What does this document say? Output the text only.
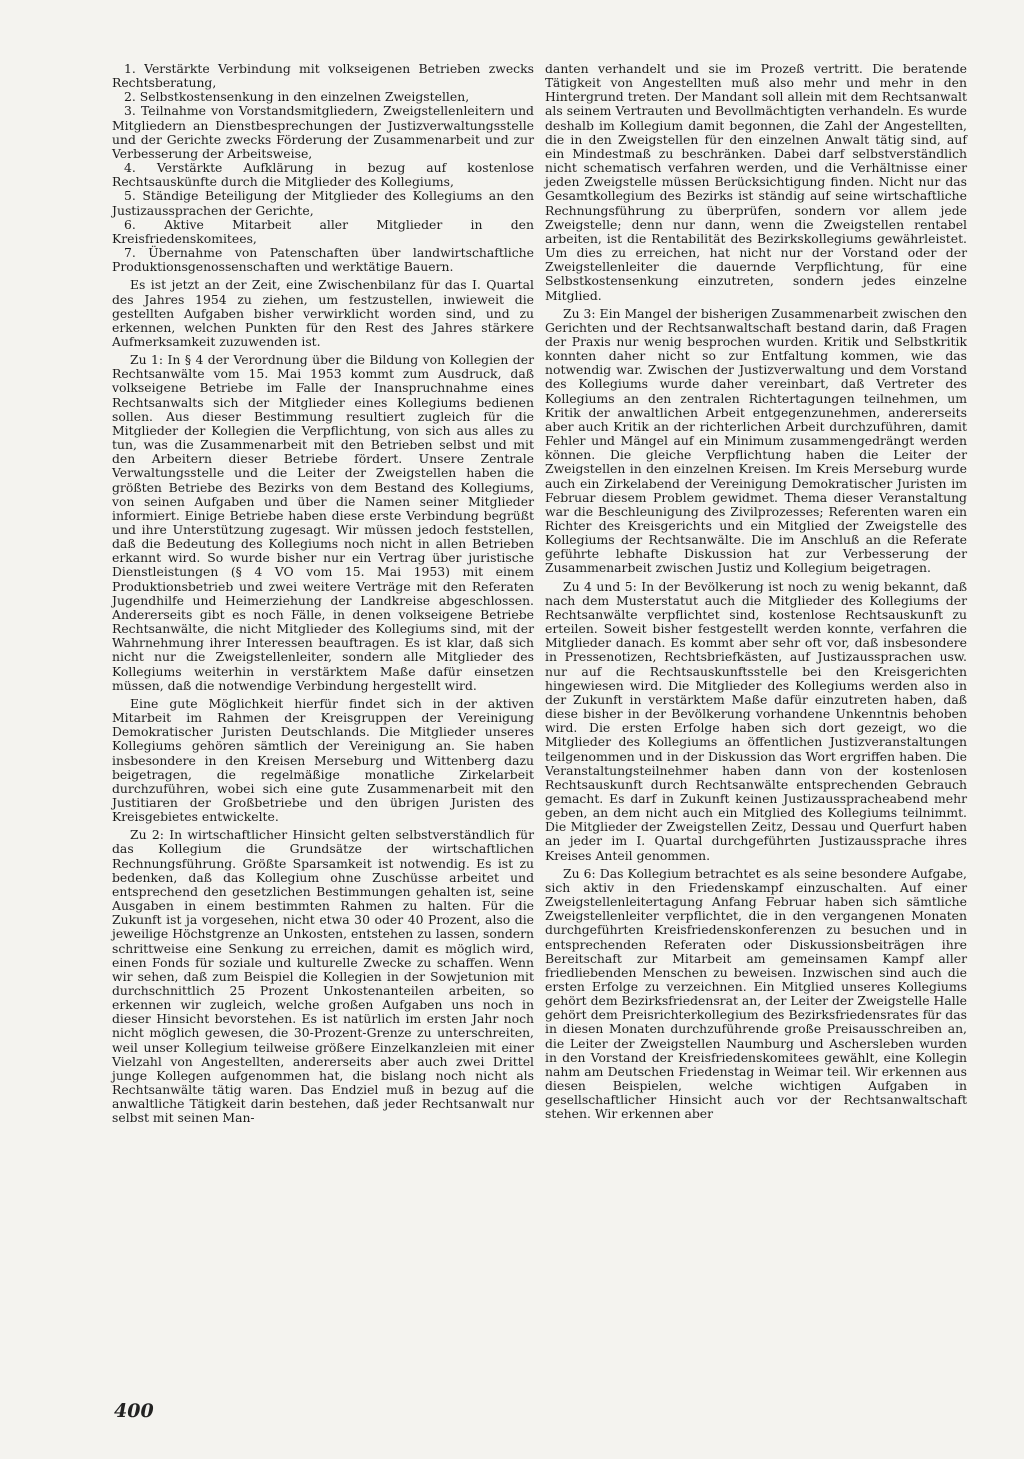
1. Verstärkte Verbindung mit volkseigenen Betrieben zwecks Rechtsberatung,

2. Selbstkostensenkung in den einzelnen Zweigstellen,

3. Teilnahme von Vorstandsmitgliedern, Zweigstellenleitern und Mitgliedern an Dienstbesprechungen der Justizverwaltungsstelle und der Gerichte zwecks Förderung der Zusammenarbeit und zur Verbesserung der Arbeitsweise,

4. Verstärkte Aufklärung in bezug auf kostenlose Rechtsauskünfte durch die Mitglieder des Kollegiums,

5. Ständige Beteiligung der Mitglieder des Kollegiums an den Justizaussprachen der Gerichte,

6. Aktive Mitarbeit aller Mitglieder in den Kreisfriedenskomitees,

7. Übernahme von Patenschaften über landwirtschaftliche Produktionsgenossenschaften und werktätige Bauern.

Es ist jetzt an der Zeit, eine Zwischenbilanz für das I. Quartal des Jahres 1954 zu ziehen, um festzustellen, inwieweit die gestellten Aufgaben bisher verwirklicht worden sind, und zu erkennen, welchen Punkten für den Rest des Jahres stärkere Aufmerksamkeit zuzuwenden ist.

Zu 1: In § 4 der Verordnung über die Bildung von Kollegien der Rechtsanwälte vom 15. Mai 1953 kommt zum Ausdruck, daß volkseigene Betriebe im Falle der Inanspruchnahme eines Rechtsanwalts sich der Mitglieder eines Kollegiums bedienen sollen. Aus dieser Bestimmung resultiert zugleich für die Mitglieder der Kollegien die Verpflichtung, von sich aus alles zu tun, was die Zusammenarbeit mit den Betrieben selbst und mit den Arbeitern dieser Betriebe fördert. Unsere Zentrale Verwaltungsstelle und die Leiter der Zweigstellen haben die größten Betriebe des Bezirks von dem Bestand des Kollegiums, von seinen Aufgaben und über die Namen seiner Mitglieder informiert. Einige Betriebe haben diese erste Verbindung begrüßt und ihre Unterstützung zugesagt. Wir müssen jedoch feststellen, daß die Bedeutung des Kollegiums noch nicht in allen Betrieben erkannt wird. So wurde bisher nur ein Vertrag über juristische Dienstleistungen (§ 4 VO vom 15. Mai 1953) mit einem Produktionsbetrieb und zwei weitere Verträge mit den Referaten Jugendhilfe und Heimerziehung der Landkreise abgeschlossen. Andererseits gibt es noch Fälle, in denen volkseigene Betriebe Rechtsanwälte, die nicht Mitglieder des Kollegiums sind, mit der Wahrnehmung ihrer Interessen beauftragen. Es ist klar, daß sich nicht nur die Zweigstellenleiter, sondern alle Mitglieder des Kollegiums weiterhin in verstärktem Maße dafür einsetzen müssen, daß die notwendige Verbindung hergestellt wird.

Eine gute Möglichkeit hierfür findet sich in der aktiven Mitarbeit im Rahmen der Kreisgruppen der Vereinigung Demokratischer Juristen Deutschlands. Die Mitglieder unseres Kollegiums gehören sämtlich der Vereinigung an. Sie haben insbesondere in den Kreisen Merseburg und Wittenberg dazu beigetragen, die regelmäßige monatliche Zirkelarbeit durchzuführen, wobei sich eine gute Zusammenarbeit mit den Justitiaren der Großbetriebe und den übrigen Juristen des Kreisgebietes entwickelte.

Zu 2: In wirtschaftlicher Hinsicht gelten selbstverständlich für das Kollegium die Grundsätze der wirtschaftlichen Rechnungsführung. Größte Sparsamkeit ist notwendig. Es ist zu bedenken, daß das Kollegium ohne Zuschüsse arbeitet und entsprechend den gesetzlichen Bestimmungen gehalten ist, seine Ausgaben in einem bestimmten Rahmen zu halten. Für die Zukunft ist ja vorgesehen, nicht etwa 30 oder 40 Prozent, also die jeweilige Höchstgrenze an Unkosten, entstehen zu lassen, sondern schrittweise eine Senkung zu erreichen, damit es möglich wird, einen Fonds für soziale und kulturelle Zwecke zu schaffen. Wenn wir sehen, daß zum Beispiel die Kollegien in der Sowjetunion mit durchschnittlich 25 Prozent Unkostenanteilen arbeiten, so erkennen wir zugleich, welche großen Aufgaben uns noch in dieser Hinsicht bevorstehen. Es ist natürlich im ersten Jahr noch nicht möglich gewesen, die 30-Prozent-Grenze zu unterschreiten, weil unser Kollegium teilweise größere Einzelkanzleien mit einer Vielzahl von Angestellten, andererseits aber auch zwei Drittel junge Kollegen aufgenommen hat, die bislang noch nicht als Rechtsanwälte tätig waren. Das Endziel muß in bezug auf die anwaltliche Tätigkeit darin bestehen, daß jeder Rechtsanwalt nur selbst mit seinen Man-

danten verhandelt und sie im Prozeß vertritt. Die beratende Tätigkeit von Angestellten muß also mehr und mehr in den Hintergrund treten. Der Mandant soll allein mit dem Rechtsanwalt als seinem Vertrauten und Bevollmächtigten verhandeln. Es wurde deshalb im Kollegium damit begonnen, die Zahl der Angestellten, die in den Zweigstellen für den einzelnen Anwalt tätig sind, auf ein Mindestmaß zu beschränken. Dabei darf selbstverständlich nicht schematisch verfahren werden, und die Verhältnisse einer jeden Zweigstelle müssen Berücksichtigung finden. Nicht nur das Gesamtkollegium des Bezirks ist ständig auf seine wirtschaftliche Rechnungsführung zu überprüfen, sondern vor allem jede Zweigstelle; denn nur dann, wenn die Zweigstellen rentabel arbeiten, ist die Rentabilität des Bezirkskollegiums gewährleistet. Um dies zu erreichen, hat nicht nur der Vorstand oder der Zweigstellenleiter die dauernde Verpflichtung, für eine Selbstkostensenkung einzutreten, sondern jedes einzelne Mitglied.

Zu 3: Ein Mangel der bisherigen Zusammenarbeit zwischen den Gerichten und der Rechtsanwaltschaft bestand darin, daß Fragen der Praxis nur wenig besprochen wurden. Kritik und Selbstkritik konnten daher nicht so zur Entfaltung kommen, wie das notwendig war. Zwischen der Justizverwaltung und dem Vorstand des Kollegiums wurde daher vereinbart, daß Vertreter des Kollegiums an den zentralen Richtertagungen teilnehmen, um Kritik der anwaltlichen Arbeit entgegenzunehmen, andererseits aber auch Kritik an der richterlichen Arbeit durchzuführen, damit Fehler und Mängel auf ein Minimum zusammengedrängt werden können. Die gleiche Verpflichtung haben die Leiter der Zweigstellen in den einzelnen Kreisen. Im Kreis Merseburg wurde auch ein Zirkelabend der Vereinigung Demokratischer Juristen im Februar diesem Problem gewidmet. Thema dieser Veranstaltung war die Beschleunigung des Zivilprozesses; Referenten waren ein Richter des Kreisgerichts und ein Mitglied der Zweigstelle des Kollegiums der Rechtsanwälte. Die im Anschluß an die Referate geführte lebhafte Diskussion hat zur Verbesserung der Zusammenarbeit zwischen Justiz und Kollegium beigetragen.

Zu 4 und 5: In der Bevölkerung ist noch zu wenig bekannt, daß nach dem Musterstatut auch die Mitglieder des Kollegiums der Rechtsanwälte verpflichtet sind, kostenlose Rechtsauskunft zu erteilen. Soweit bisher festgestellt werden konnte, verfahren die Mitglieder danach. Es kommt aber sehr oft vor, daß insbesondere in Pressenotizen, Rechtsbriefkästen, auf Justizaussprachen usw. nur auf die Rechtsauskunftsstelle bei den Kreisgerichten hingewiesen wird. Die Mitglieder des Kollegiums werden also in der Zukunft in verstärktem Maße dafür einzutreten haben, daß diese bisher in der Bevölkerung vorhandene Unkenntnis behoben wird. Die ersten Erfolge haben sich dort gezeigt, wo die Mitglieder des Kollegiums an öffentlichen Justizveranstaltungen teilgenommen und in der Diskussion das Wort ergriffen haben. Die Veranstaltungsteilnehmer haben dann von der kostenlosen Rechtsauskunft durch Rechtsanwälte entsprechenden Gebrauch gemacht. Es darf in Zukunft keinen Justizausspracheabend mehr geben, an dem nicht auch ein Mitglied des Kollegiums teilnimmt. Die Mitglieder der Zweigstellen Zeitz, Dessau und Querfurt haben an jeder im I. Quartal durchgeführten Justizaussprache ihres Kreises Anteil genommen.

Zu 6: Das Kollegium betrachtet es als seine besondere Aufgabe, sich aktiv in den Friedenskampf einzuschalten. Auf einer Zweigstellenleitertagung Anfang Februar haben sich sämtliche Zweigstellenleiter verpflichtet, die in den vergangenen Monaten durchgeführten Kreisfriedenskonferenzen zu besuchen und in entsprechenden Referaten oder Diskussionsbeiträgen ihre Bereitschaft zur Mitarbeit am gemeinsamen Kampf aller friedliebenden Menschen zu beweisen. Inzwischen sind auch die ersten Erfolge zu verzeichnen. Ein Mitglied unseres Kollegiums gehört dem Bezirksfriedensrat an, der Leiter der Zweigstelle Halle gehört dem Preisrichterkollegium des Bezirksfriedensrates für das in diesen Monaten durchzuführende große Preisausschreiben an, die Leiter der Zweigstellen Naumburg und Aschersleben wurden in den Vorstand der Kreisfriedenskomitees gewählt, eine Kollegin nahm am Deutschen Friedenstag in Weimar teil. Wir erkennen aus diesen Beispielen, welche wichtigen Aufgaben in gesellschaftlicher Hinsicht auch vor der Rechtsanwaltschaft stehen. Wir erkennen aber

400
